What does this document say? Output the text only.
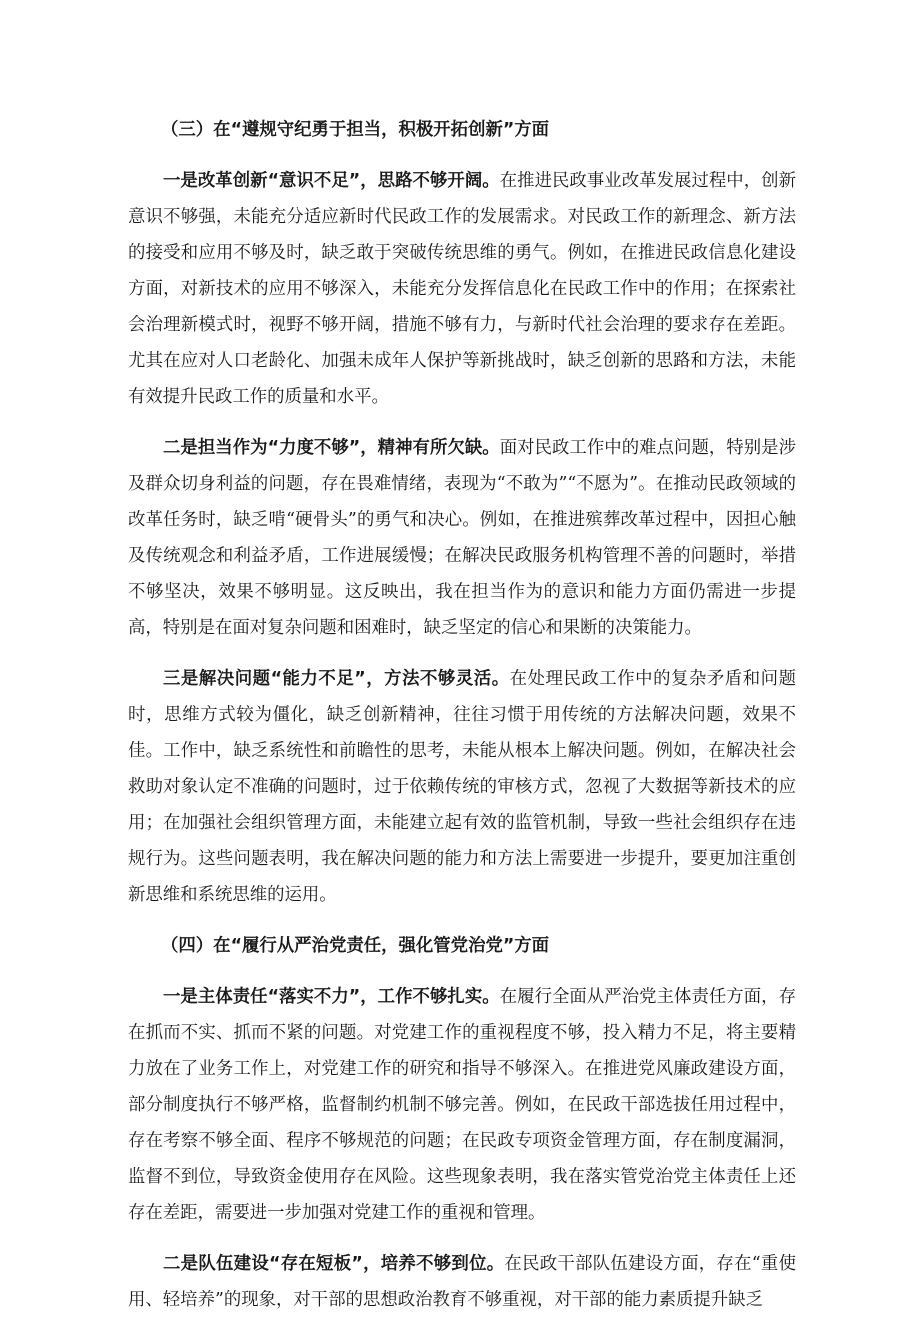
（三）在“遵规守纪勇于担当，积极开拓创新”方面

一是改革创新“意识不足”，思路不够开阔。在推进民政事业改革发展过程中，创新意识不够强，未能充分适应新时代民政工作的发展需求。对民政工作的新理念、新方法的接受和应用不够及时，缺乏敢于突破传统思维的勇气。例如，在推进民政信息化建设方面，对新技术的应用不够深入，未能充分发挥信息化在民政工作中的作用；在探索社会治理新模式时，视野不够开阔，措施不够有力，与新时代社会治理的要求存在差距。尤其在应对人口老龄化、加强未成年人保护等新挑战时，缺乏创新的思路和方法，未能有效提升民政工作的质量和水平。

二是担当作为“力度不够”，精神有所欠缺。面对民政工作中的难点问题，特别是涉及群众切身利益的问题，存在畏难情绪，表现为“不敢为”“不愿为”。在推动民政领域的改革任务时，缺乏啃“硬骨头”的勇气和决心。例如，在推进殡葬改革过程中，因担心触及传统观念和利益矛盾，工作进展缓慢；在解决民政服务机构管理不善的问题时，举措不够坚决，效果不够明显。这反映出，我在担当作为的意识和能力方面仍需进一步提高，特别是在面对复杂问题和困难时，缺乏坚定的信心和果断的决策能力。

三是解决问题“能力不足”，方法不够灵活。在处理民政工作中的复杂矛盾和问题时，思维方式较为僵化，缺乏创新精神，往往习惯于用传统的方法解决问题，效果不佳。工作中，缺乏系统性和前瞻性的思考，未能从根本上解决问题。例如，在解决社会救助对象认定不准确的问题时，过于依赖传统的审核方式，忽视了大数据等新技术的应用；在加强社会组织管理方面，未能建立起有效的监管机制，导致一些社会组织存在违规行为。这些问题表明，我在解决问题的能力和方法上需要进一步提升，要更加注重创新思维和系统思维的运用。

（四）在“履行从严治党责任，强化管党治党”方面

一是主体责任“落实不力”，工作不够扎实。在履行全面从严治党主体责任方面，存在抓而不实、抓而不紧的问题。对党建工作的重视程度不够，投入精力不足，将主要精力放在了业务工作上，对党建工作的研究和指导不够深入。在推进党风廉政建设方面，部分制度执行不够严格，监督制约机制不够完善。例如，在民政干部选拔任用过程中，存在考察不够全面、程序不够规范的问题；在民政专项资金管理方面，存在制度漏洞，监督不到位，导致资金使用存在风险。这些现象表明，我在落实管党治党主体责任上还存在差距，需要进一步加强对党建工作的重视和管理。

二是队伍建设“存在短板”，培养不够到位。在民政干部队伍建设方面，存在“重使用、轻培养”的现象，对干部的思想政治教育不够重视，对干部的能力素质提升缺乏
